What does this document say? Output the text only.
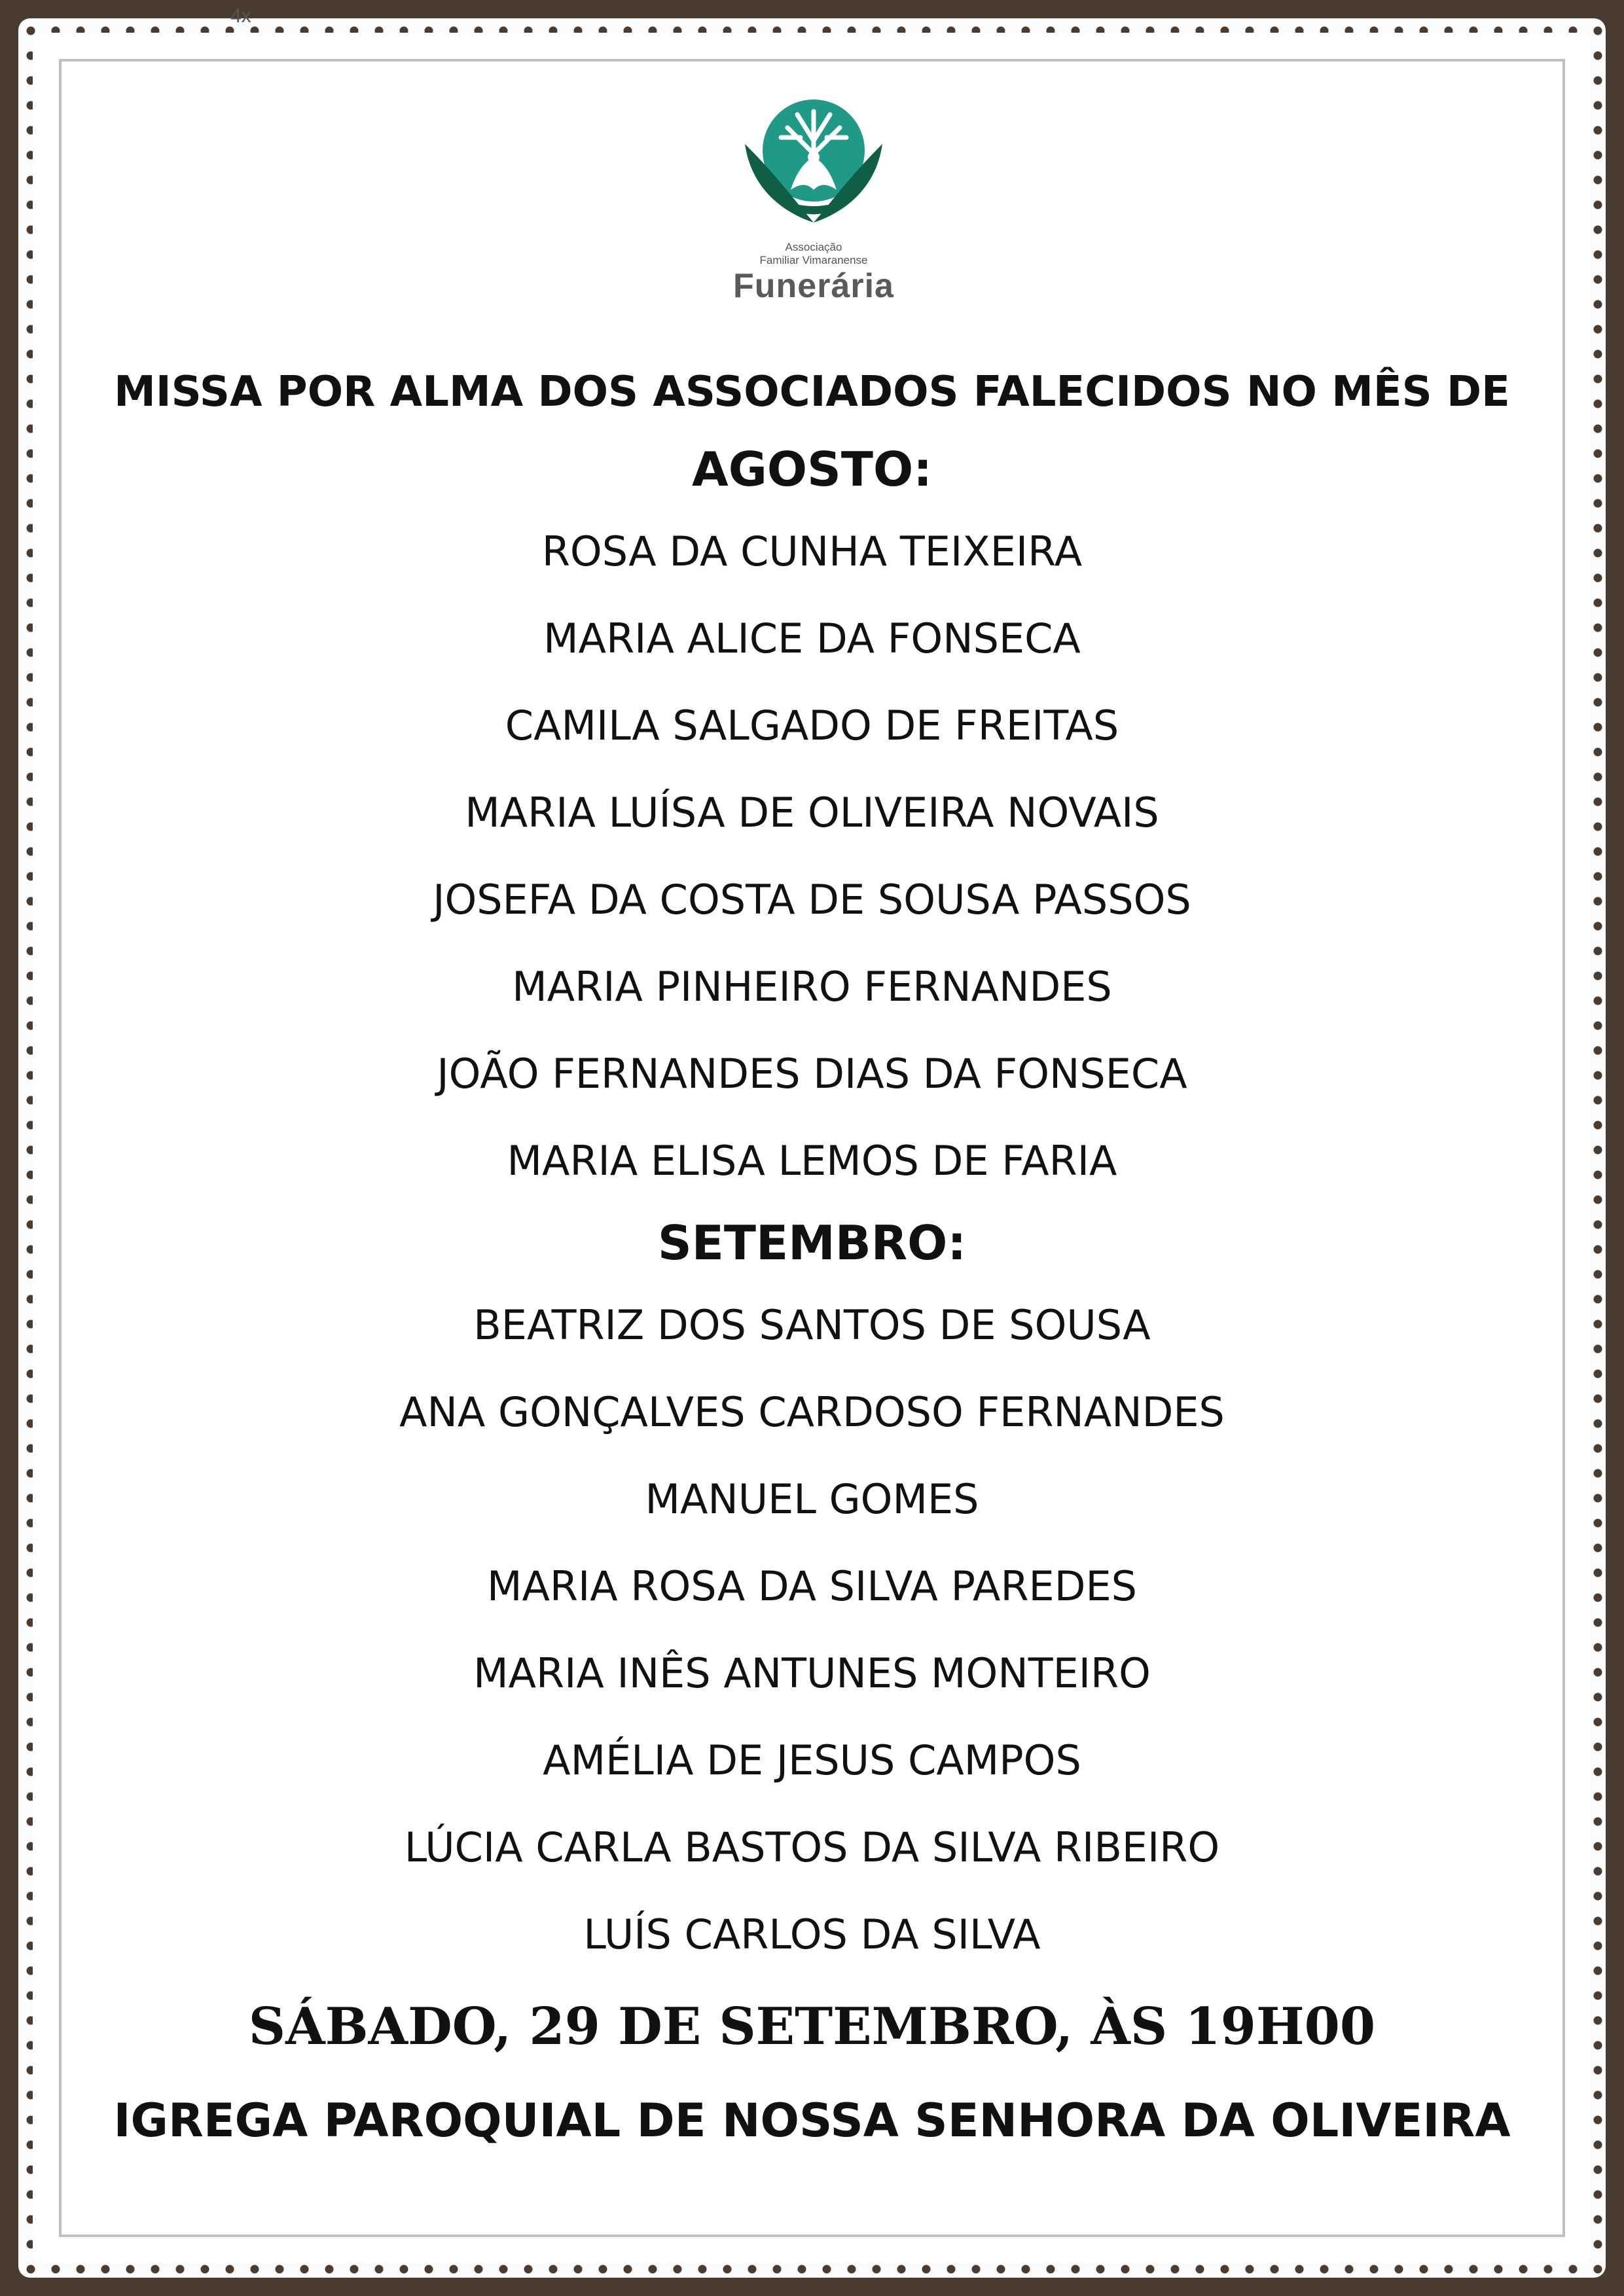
4x
Associação
Familiar Vimaranense
Funerária
MISSA POR ALMA DOS ASSOCIADOS FALECIDOS NO MÊS DE
AGOSTO:
ROSA DA CUNHA TEIXEIRA
MARIA ALICE DA FONSECA
CAMILA SALGADO DE FREITAS
MARIA LUÍSA DE OLIVEIRA NOVAIS
JOSEFA DA COSTA DE SOUSA PASSOS
MARIA PINHEIRO FERNANDES
JOÃO FERNANDES DIAS DA FONSECA
MARIA ELISA LEMOS DE FARIA
SETEMBRO:
BEATRIZ DOS SANTOS DE SOUSA
ANA GONÇALVES CARDOSO FERNANDES
MANUEL GOMES
MARIA ROSA DA SILVA PAREDES
MARIA INÊS ANTUNES MONTEIRO
AMÉLIA DE JESUS CAMPOS
LÚCIA CARLA BASTOS DA SILVA RIBEIRO
LUÍS CARLOS DA SILVA
SÁBADO, 29 DE SETEMBRO, ÀS 19H00
IGREGA PAROQUIAL DE NOSSA SENHORA DA OLIVEIRA
